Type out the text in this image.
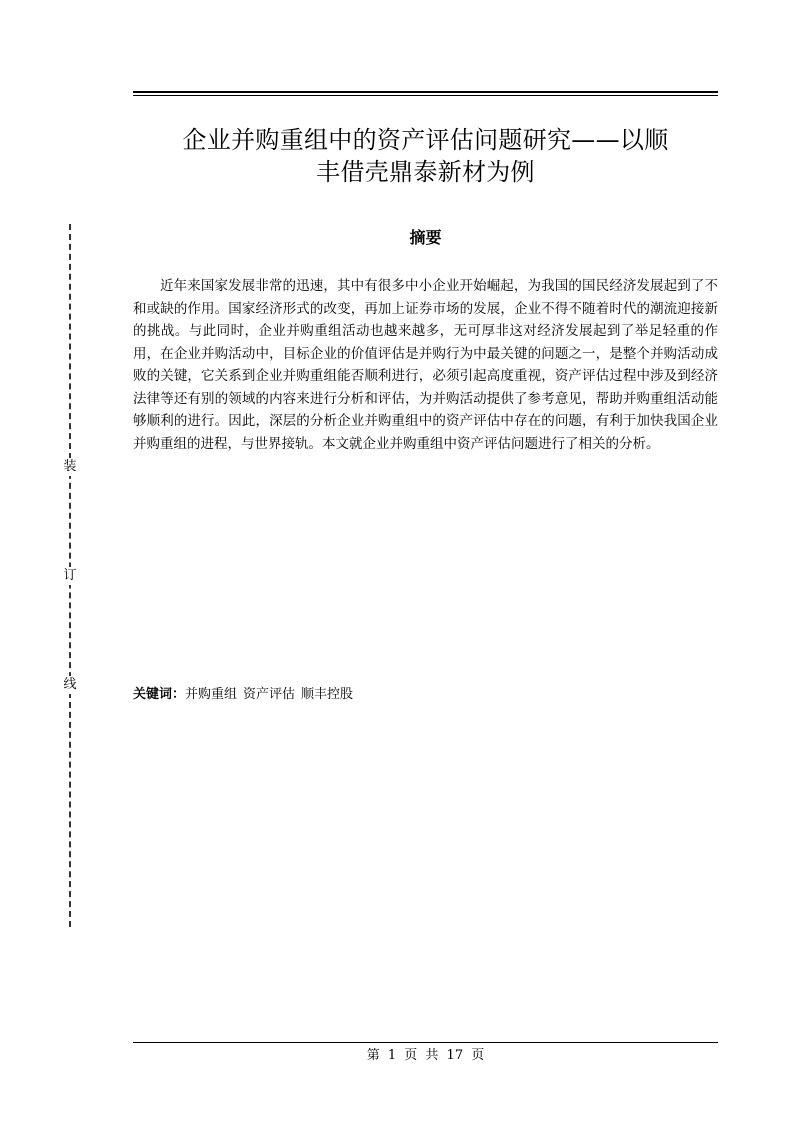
装
订
线
企业并购重组中的资产评估问题研究——以顺
丰借壳鼎泰新材为例
摘要

近年来国家发展非常的迅速，其中有很多中小企业开始崛起，为我国的国民经济发展起到了不和或缺的作用。国家经济形式的改变，再加上证券市场的发展，企业不得不随着时代的潮流迎接新的挑战。与此同时，企业并购重组活动也越来越多，无可厚非这对经济发展起到了举足轻重的作用，在企业并购活动中，目标企业的价值评估是并购行为中最关键的问题之一，是整个并购活动成败的关键，它关系到企业并购重组能否顺利进行，必须引起高度重视，资产评估过程中涉及到经济法律等还有别的领域的内容来进行分析和评估，为并购活动提供了参考意见，帮助并购重组活动能够顺利的进行。因此，深层的分析企业并购重组中的资产评估中存在的问题，有利于加快我国企业并购重组的进程，与世界接轨。本文就企业并购重组中资产评估问题进行了相关的分析。

关键词：并购重组 资产评估 顺丰控股
第 1 页 共 17 页
